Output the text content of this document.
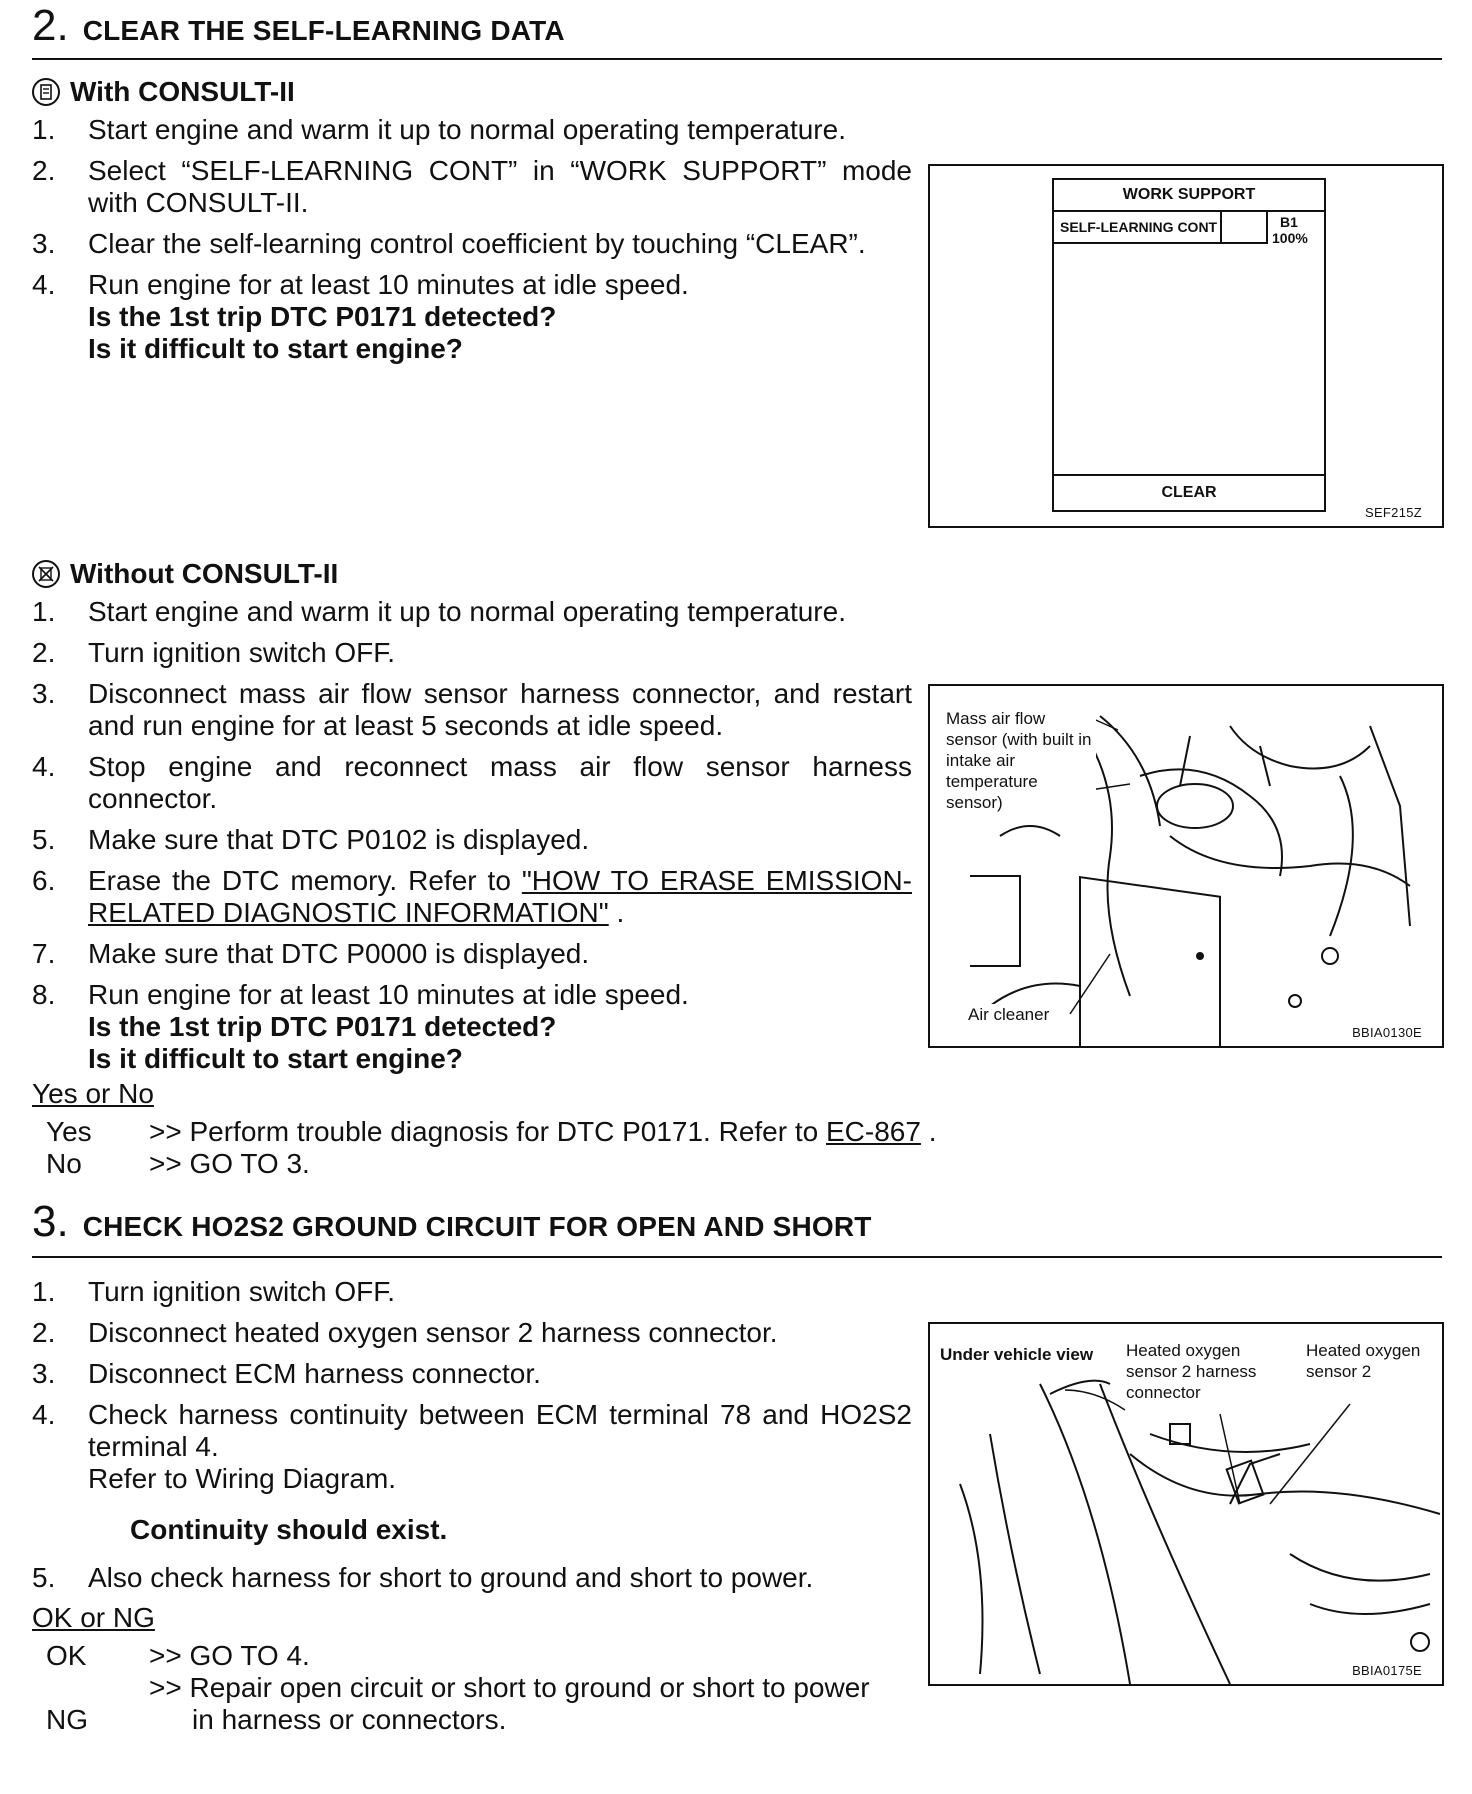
2. CLEAR THE SELF-LEARNING DATA
With CONSULT-II
1. Start engine and warm it up to normal operating temperature.
2. Select “SELF-LEARNING CONT” in “WORK SUPPORT” mode with CONSULT-II.
3. Clear the self-learning control coefficient by touching “CLEAR”.
4. Run engine for at least 10 minutes at idle speed.
Is the 1st trip DTC P0171 detected?
Is it difficult to start engine?
WORK SUPPORT
SELF-LEARNING CONT	B1
100%
CLEAR
SEF215Z
Without CONSULT-II
1. Start engine and warm it up to normal operating temperature.
2. Turn ignition switch OFF.
3. Disconnect mass air flow sensor harness connector, and restart and run engine for at least 5 seconds at idle speed.
4. Stop engine and reconnect mass air flow sensor harness connector.
5. Make sure that DTC P0102 is displayed.
6. Erase the DTC memory. Refer to "HOW TO ERASE EMISSION-RELATED DIAGNOSTIC INFORMATION" .
7. Make sure that DTC P0000 is displayed.
8. Run engine for at least 10 minutes at idle speed.
Is the 1st trip DTC P0171 detected?
Is it difficult to start engine?
Mass air flow sensor (with built in intake air temperature sensor)
Air cleaner
BBIA0130E
Yes or No
Yes >> Perform trouble diagnosis for DTC P0171. Refer to EC-867 .
No >> GO TO 3.
3. CHECK HO2S2 GROUND CIRCUIT FOR OPEN AND SHORT
1. Turn ignition switch OFF.
2. Disconnect heated oxygen sensor 2 harness connector.
3. Disconnect ECM harness connector.
4. Check harness continuity between ECM terminal 78 and HO2S2 terminal 4.
Refer to Wiring Diagram.
Continuity should exist.
5. Also check harness for short to ground and short to power.
OK or NG
OK >> GO TO 4.
NG>> Repair open circuit or short to ground or short to power
in harness or connectors.
Under vehicle view Heated oxygen sensor 2 harness connector
Heated oxygen sensor 2
BBIA0175E
